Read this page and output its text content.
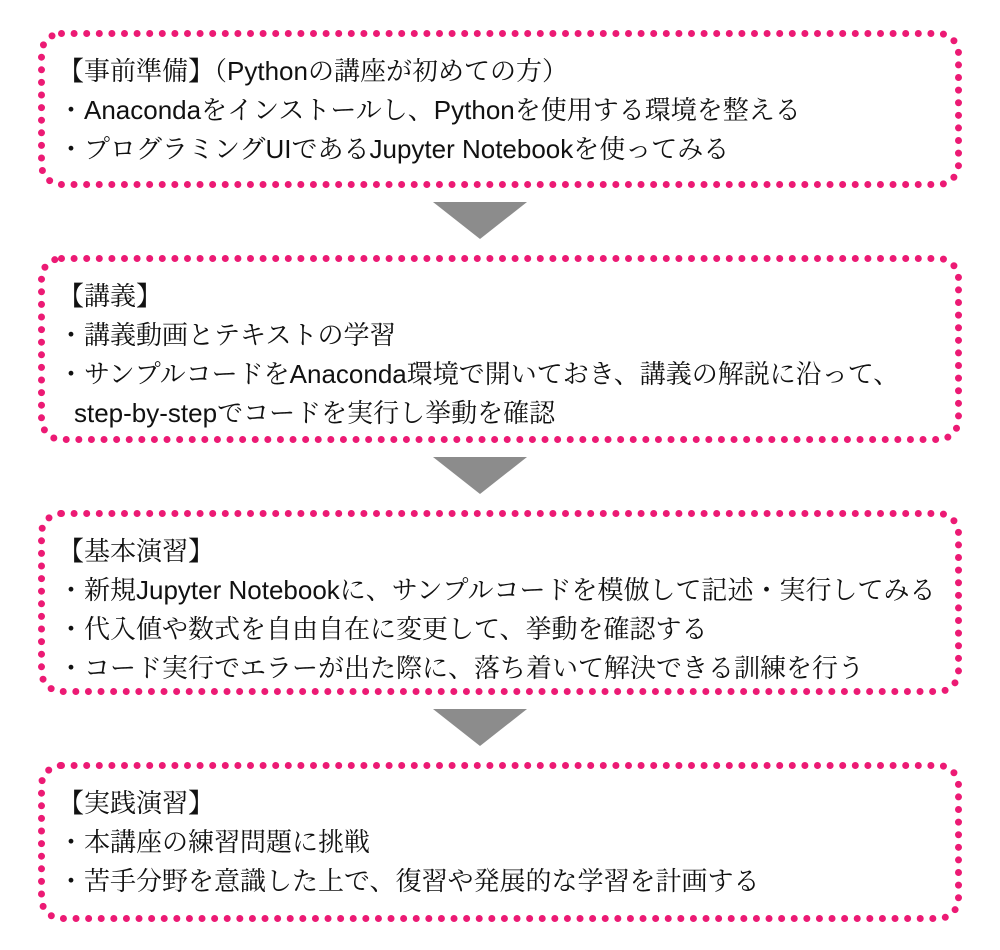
【事前準備】（Pythonの講座が初めての方）
・Anacondaをインストールし、Pythonを使用する環境を整える
・プログラミングUIであるJupyter Notebookを使ってみる
【講義】
・講義動画とテキストの学習
・サンプルコードをAnaconda環境で開いておき、講義の解説に沿って、
step-by-stepでコードを実行し挙動を確認
【基本演習】
・新規Jupyter Notebookに、サンプルコードを模倣して記述・実行してみる
・代入値や数式を自由自在に変更して、挙動を確認する
・コード実行でエラーが出た際に、落ち着いて解決できる訓練を行う
【実践演習】
・本講座の練習問題に挑戦
・苦手分野を意識した上で、復習や発展的な学習を計画する
